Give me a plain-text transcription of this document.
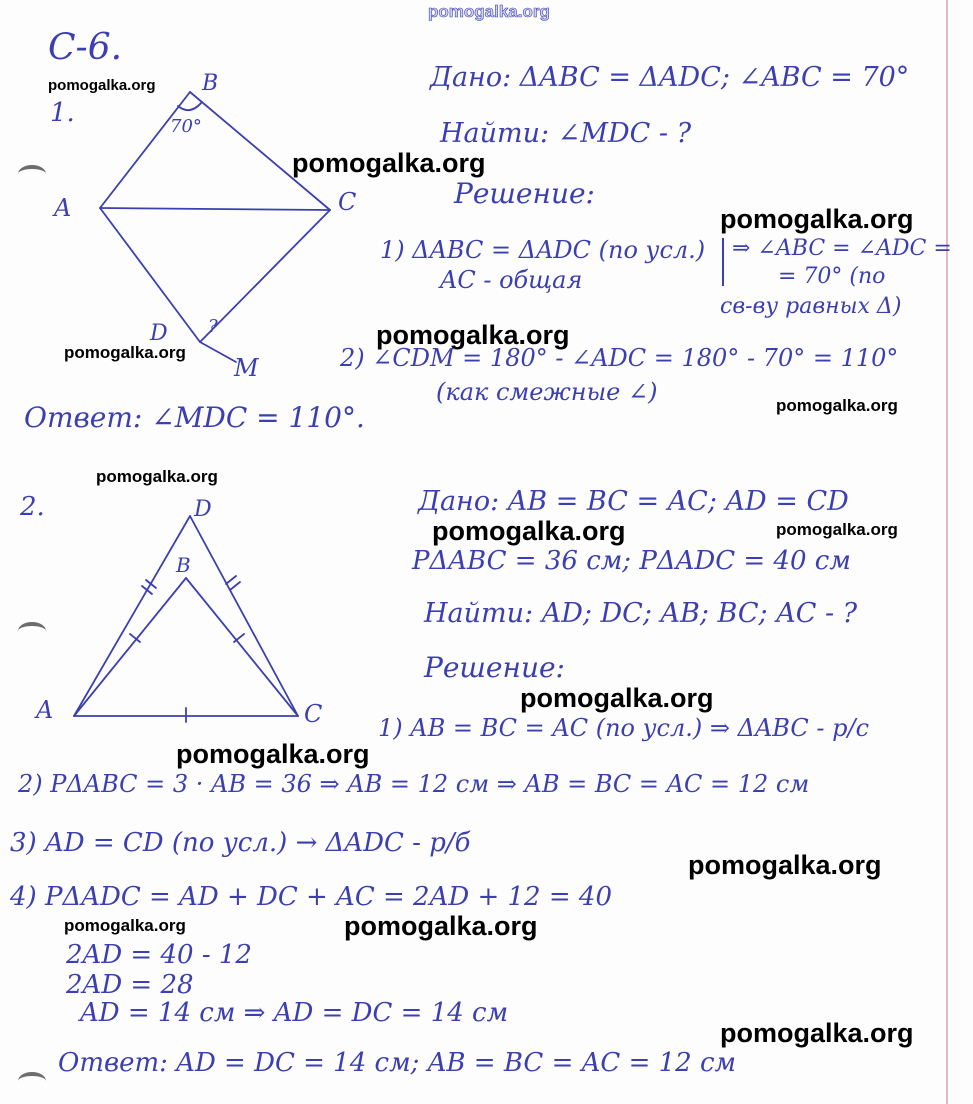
pomogalka.org
pomogalka.org
pomogalka.org
pomogalka.org
pomogalka.org
pomogalka.org
pomogalka.org
pomogalka.org
pomogalka.org	pomogalka.org
pomogalka.org
pomogalka.org
pomogalka.org
pomogalka.org	pomogalka.org
pomogalka.org
С-6.
1.
B
70°
A	C
D ?
M
Дано: ΔABC = ΔADC; ∠ABC = 70°
Найти: ∠MDC - ?
Решение:
1) ΔABC = ΔADC (по усл.)
AC - общая
⇒ ∠ABC = ∠ADC =
= 70° (по
св-ву равных Δ)
2) ∠CDM = 180° - ∠ADC = 180° - 70° = 110°
(как смежные ∠)
Ответ: ∠MDC = 110°.
2.	D
B
A	C
Дано: AB = BC = AC; AD = CD
PΔABC = 36 см; PΔADC = 40 см
Найти: AD; DC; AB; BC; AC - ?
Решение:
1) AB = BC = AC (по усл.) ⇒ ΔABC - р/с
2) PΔABC = 3 · AB = 36 ⇒ AB = 12 см ⇒ AB = BC = AC = 12 см
3) AD = CD (по усл.) → ΔADC - р/б
4) PΔADC = AD + DC + AC = 2AD + 12 = 40
2AD = 40 - 12
2AD = 28
AD = 14 см ⇒ AD = DC = 14 см
Ответ: AD = DC = 14 см; AB = BC = AC = 12 см
